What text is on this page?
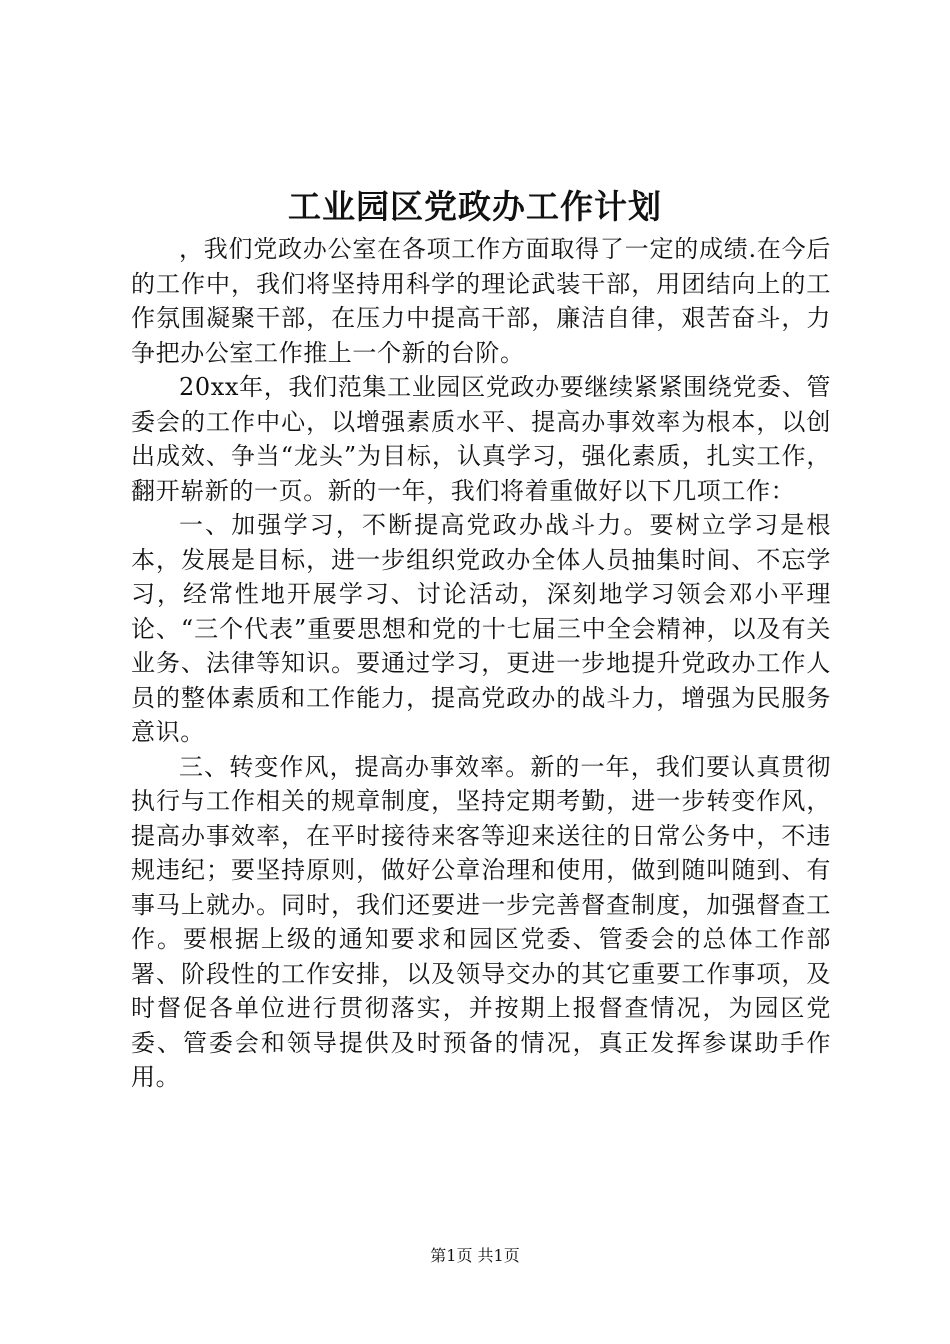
工业园区党政办工作计划

，我们党政办公室在各项工作方面取得了一定的成绩.在今后的工作中，我们将坚持用科学的理论武装干部，用团结向上的工作氛围凝聚干部，在压力中提高干部，廉洁自律，艰苦奋斗，力争把办公室工作推上一个新的台阶。

20xx年，我们范集工业园区党政办要继续紧紧围绕党委、管委会的工作中心，以增强素质水平、提高办事效率为根本，以创出成效、争当“龙头”为目标，认真学习，强化素质，扎实工作，翻开崭新的一页。新的一年，我们将着重做好以下几项工作：

一、加强学习，不断提高党政办战斗力。要树立学习是根本，发展是目标，进一步组织党政办全体人员抽集时间、不忘学习，经常性地开展学习、讨论活动，深刻地学习领会邓小平理论、“三个代表”重要思想和党的十七届三中全会精神，以及有关业务、法律等知识。要通过学习，更进一步地提升党政办工作人员的整体素质和工作能力，提高党政办的战斗力，增强为民服务意识。

三、转变作风，提高办事效率。新的一年，我们要认真贯彻执行与工作相关的规章制度，坚持定期考勤，进一步转变作风，提高办事效率，在平时接待来客等迎来送往的日常公务中，不违规违纪；要坚持原则，做好公章治理和使用，做到随叫随到、有事马上就办。同时，我们还要进一步完善督查制度，加强督查工作。要根据上级的通知要求和园区党委、管委会的总体工作部署、阶段性的工作安排，以及领导交办的其它重要工作事项，及时督促各单位进行贯彻落实，并按期上报督查情况，为园区党委、管委会和领导提供及时预备的情况，真正发挥参谋助手作用。

第1页 共1页
